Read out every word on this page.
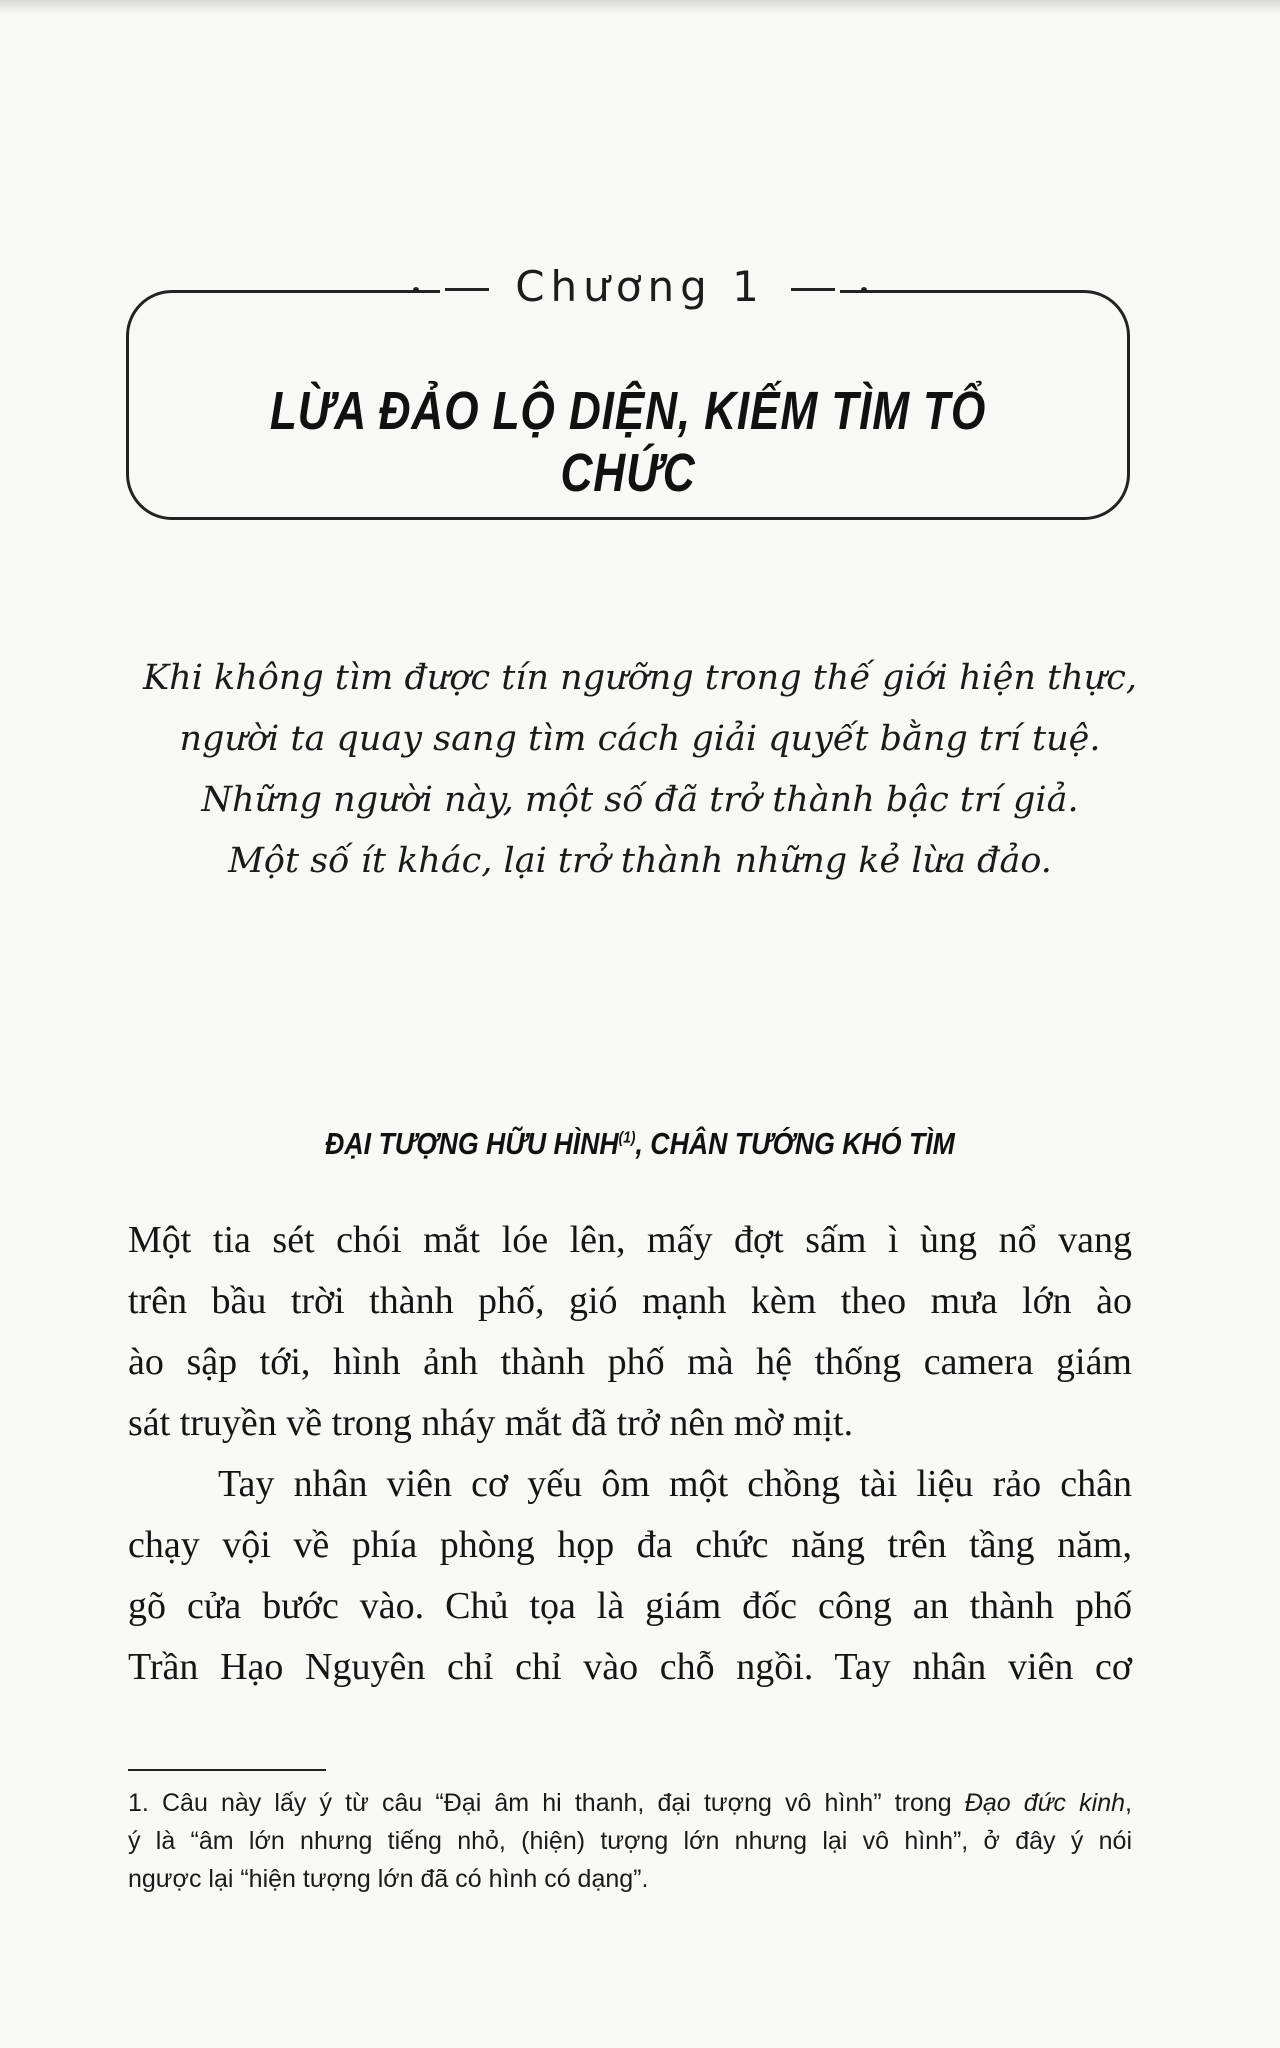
Chương 1
LỪA ĐẢO LỘ DIỆN, KIẾM TÌM TỔ CHỨC
Khi không tìm được tín ngưỡng trong thế giới hiện thực,
người ta quay sang tìm cách giải quyết bằng trí tuệ.
Những người này, một số đã trở thành bậc trí giả.
Một số ít khác, lại trở thành những kẻ lừa đảo.
ĐẠI TƯỢNG HỮU HÌNH$^{(1)}$, CHÂN TƯỚNG KHÓ TÌM
Một tia sét chói mắt lóe lên, mấy đợt sấm ì ùng nổ vang
trên bầu trời thành phố, gió mạnh kèm theo mưa lớn ào
ào sập tới, hình ảnh thành phố mà hệ thống camera giám
sát truyền về trong nháy mắt đã trở nên mờ mịt.
Tay nhân viên cơ yếu ôm một chồng tài liệu rảo chân
chạy vội về phía phòng họp đa chức năng trên tầng năm,
gõ cửa bước vào. Chủ tọa là giám đốc công an thành phố
Trần Hạo Nguyên chỉ chỉ vào chỗ ngồi. Tay nhân viên cơ
1. Câu này lấy ý từ câu “Đại âm hi thanh, đại tượng vô hình” trong Đạo đức kinh,
ý là “âm lớn nhưng tiếng nhỏ, (hiện) tượng lớn nhưng lại vô hình”, ở đây ý nói
ngược lại “hiện tượng lớn đã có hình có dạng”.
